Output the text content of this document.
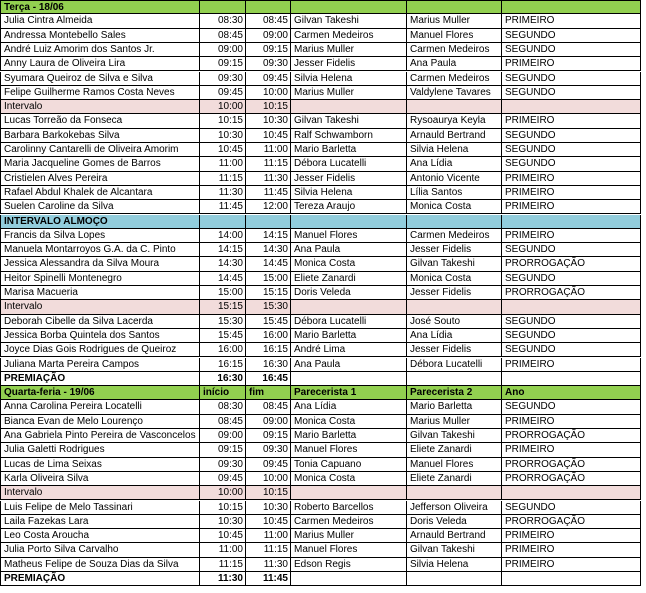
Terça - 18/06
Julia Cintra Almeida	08:30	08:45 Gilvan Takeshi	Marius Muller	PRIMEIRO
Andressa Montebello Sales	08:45	09:00 Carmen Medeiros	Manuel Flores	SEGUNDO
André Luiz Amorim dos Santos Jr.	09:00	09:15 Marius Muller	Carmen Medeiros	SEGUNDO
Anny Laura de Oliveira Lira	09:15	09:30 Jesser Fidelis	Ana Paula	PRIMEIRO
Syumara Queiroz de Silva e Silva	09:30	09:45 Silvia Helena	Carmen Medeiros	SEGUNDO
Felipe Guilherme Ramos Costa Neves	09:45	10:00 Marius Muller	Valdylene Tavares	SEGUNDO
Intervalo	10:00	10:15
Lucas Torreão da Fonseca	10:15	10:30 Gilvan Takeshi	Rysoaurya Keyla	PRIMEIRO
Barbara Barkokebas Silva	10:30	10:45 Ralf Schwamborn	Arnauld Bertrand	SEGUNDO
Carolinny Cantarelli de Oliveira Amorim	10:45	11:00 Mario Barletta	Silvia Helena	SEGUNDO
Maria Jacqueline Gomes de Barros	11:00	11:15 Débora Lucatelli	Ana Lídia	SEGUNDO
Cristielen Alves Pereira	11:15	11:30 Jesser Fidelis	Antonio Vicente	PRIMEIRO
Rafael Abdul Khalek de Alcantara	11:30	11:45 Silvia Helena	Lília Santos	PRIMEIRO
Suelen Caroline da Silva	11:45	12:00 Tereza Araujo	Monica Costa	PRIMEIRO
INTERVALO ALMOÇO
Francis da Silva Lopes	14:00	14:15 Manuel Flores	Carmen Medeiros	PRIMEIRO
Manuela Montarroyos G.A. da C. Pinto	14:15	14:30 Ana Paula	Jesser Fidelis	SEGUNDO
Jessica Alessandra da Silva Moura	14:30	14:45 Monica Costa	Gilvan Takeshi	PRORROGAÇÃO
Heitor Spinelli Montenegro	14:45	15:00 Eliete Zanardi	Monica Costa	SEGUNDO
Marisa Macueria	15:00	15:15 Doris Veleda	Jesser Fidelis	PRORROGAÇÃO
Intervalo	15:15	15:30
Deborah Cibelle da Silva Lacerda	15:30	15:45 Débora Lucatelli	José Souto	SEGUNDO
Jessica Borba Quintela dos Santos	15:45	16:00 Mario Barletta	Ana Lídia	SEGUNDO
Joyce Dias Gois Rodrigues de Queiroz	16:00	16:15 André Lima	Jesser Fidelis	SEGUNDO
Juliana Marta Pereira Campos	16:15	16:30 Ana Paula	Débora Lucatelli	PRIMEIRO
PREMIAÇÃO	16:30	16:45
Quarta-feria - 19/06	início	fim	Parecerista 1	Parecerista 2	Ano
Anna Carolina Pereira Locatelli	08:30	08:45 Ana Lídia	Mario Barletta	SEGUNDO
Bianca Evan de Melo Lourenço	08:45	09:00 Monica Costa	Marius Muller	PRIMEIRO
Ana Gabriela Pinto Pereira de Vasconcelos	09:00	09:15 Mario Barletta	Gilvan Takeshi	PRORROGAÇÃO
Julia Galetti Rodrigues	09:15	09:30 Manuel Flores	Eliete Zanardi	PRIMEIRO
Lucas de Lima Seixas	09:30	09:45 Tonia Capuano	Manuel Flores	PRORROGAÇÃO
Karla Oliveira Silva	09:45	10:00 Monica Costa	Eliete Zanardi	PRORROGAÇÃO
Intervalo	10:00	10:15
Luis Felipe de Melo Tassinari	10:15	10:30 Roberto Barcellos	Jefferson Oliveira	SEGUNDO
Laila Fazekas Lara	10:30	10:45 Carmen Medeiros	Doris Veleda	PRORROGAÇÃO
Leo Costa Aroucha	10:45	11:00 Marius Muller	Arnauld Bertrand	PRIMEIRO
Julia Porto Silva Carvalho	11:00	11:15 Manuel Flores	Gilvan Takeshi	PRIMEIRO
Matheus Felipe de Souza Dias da Silva	11:15	11:30 Edson Regis	Silvia Helena	PRIMEIRO
PREMIAÇÃO	11:30	11:45
